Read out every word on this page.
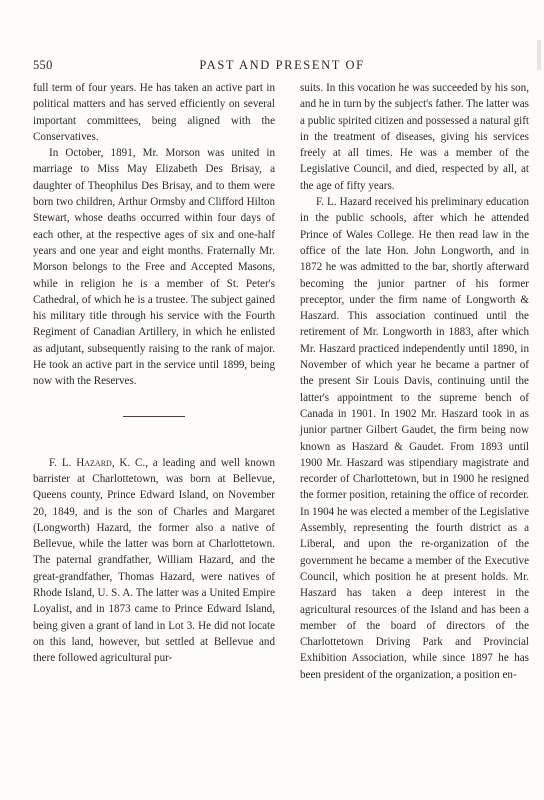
550	PAST AND PRESENT OF

full term of four years. He has taken an active part in political matters and has served efficiently on several important committees, being aligned with the Conservatives.

In October, 1891, Mr. Morson was united in marriage to Miss May Elizabeth Des Brisay, a daughter of Theophilus Des Brisay, and to them were born two children, Arthur Ormsby and Clifford Hilton Stewart, whose deaths occurred within four days of each other, at the respective ages of six and one-half years and one year and eight months. Fraternally Mr. Morson belongs to the Free and Accepted Masons, while in religion he is a member of St. Peter's Cathedral, of which he is a trustee. The subject gained his military title through his service with the Fourth Regiment of Canadian Artillery, in which he enlisted as adjutant, subsequently raising to the rank of major. He took an active part in the service until 1899, being now with the Reserves.

F. L. Hazard, K. C., a leading and well known barrister at Charlottetown, was born at Bellevue, Queens county, Prince Edward Island, on November 20, 1849, and is the son of Charles and Margaret (Longworth) Hazard, the former also a native of Bellevue, while the latter was born at Charlottetown. The paternal grandfather, William Hazard, and the great-grandfather, Thomas Hazard, were natives of Rhode Island, U. S. A. The latter was a United Empire Loyalist, and in 1873 came to Prince Edward Island, being given a grant of land in Lot 3. He did not locate on this land, however, but settled at Bellevue and there followed agricultural pur-

suits. In this vocation he was succeeded by his son, and he in turn by the subject's father. The latter was a public spirited citizen and possessed a natural gift in the treatment of diseases, giving his services freely at all times. He was a member of the Legislative Council, and died, respected by all, at the age of fifty years.

F. L. Hazard received his preliminary education in the public schools, after which he attended Prince of Wales College. He then read law in the office of the late Hon. John Longworth, and in 1872 he was admitted to the bar, shortly afterward becoming the junior partner of his former preceptor, under the firm name of Longworth & Haszard. This association continued until the retirement of Mr. Longworth in 1883, after which Mr. Haszard practiced independently until 1890, in November of which year he became a partner of the present Sir Louis Davis, continuing until the latter's appointment to the supreme bench of Canada in 1901. In 1902 Mr. Haszard took in as junior partner Gilbert Gaudet, the firm being now known as Haszard & Gaudet. From 1893 until 1900 Mr. Haszard was stipendiary magistrate and recorder of Charlottetown, but in 1900 he resigned the former position, retaining the office of recorder. In 1904 he was elected a member of the Legislative Assembly, representing the fourth district as a Liberal, and upon the re-organization of the government he became a member of the Executive Council, which position he at present holds. Mr. Haszard has taken a deep interest in the agricultural resources of the Island and has been a member of the board of directors of the Charlottetown Driving Park and Provincial Exhibition Association, while since 1897 he has been president of the organization, a position en-
